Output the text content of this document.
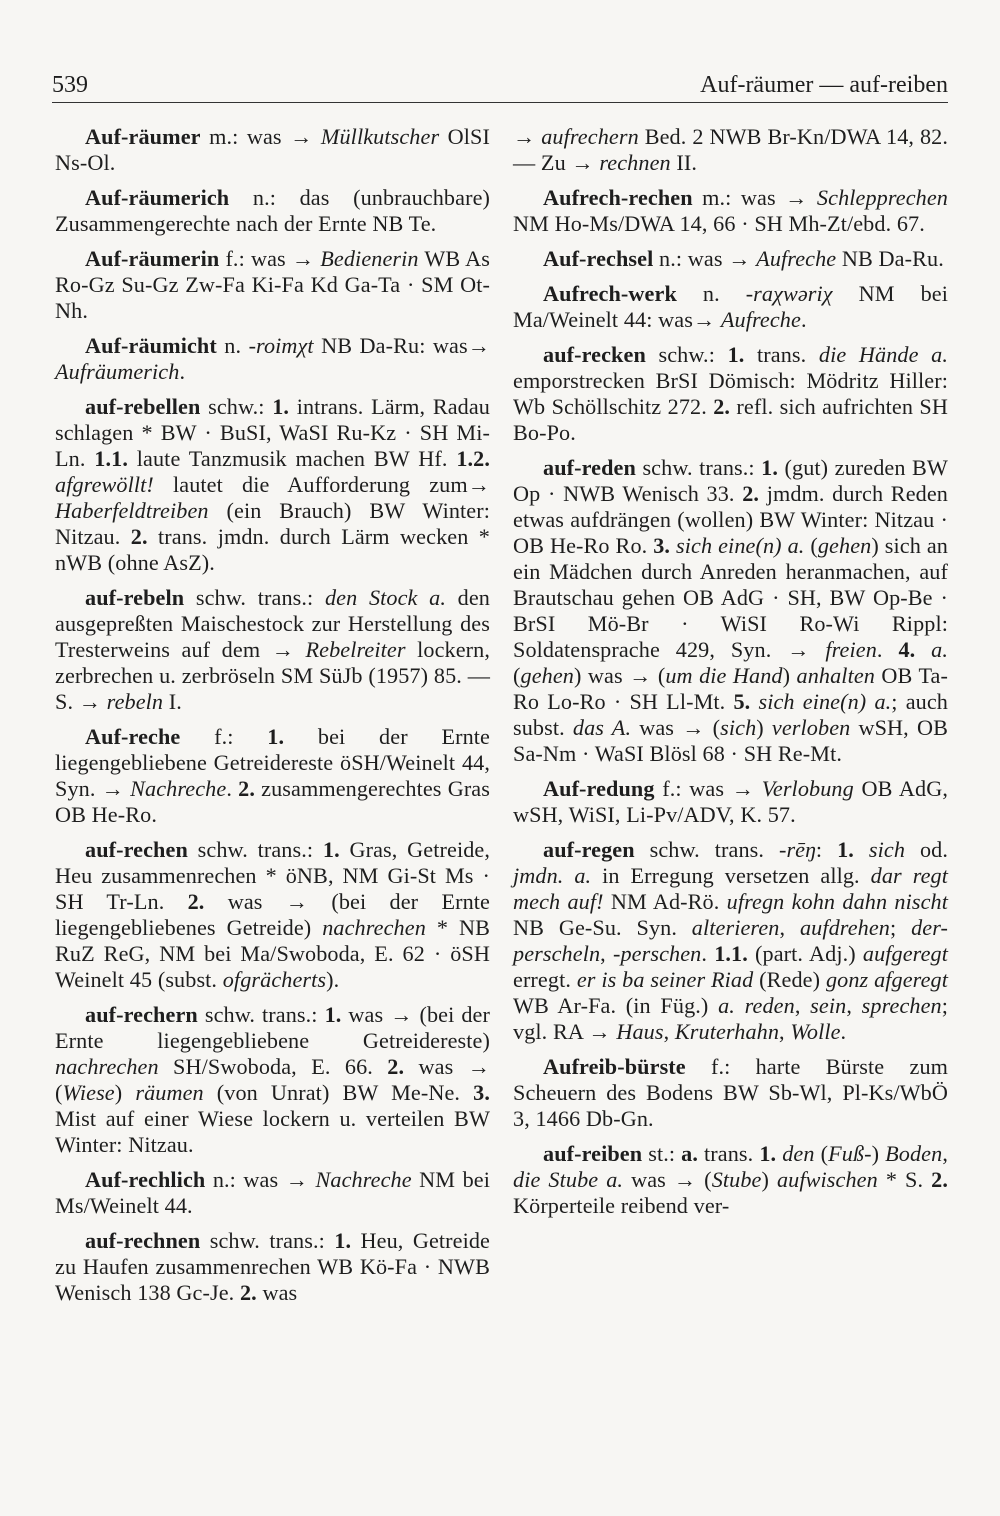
539	Auf-räumer — auf-reiben

Auf-räumer m.: was → Müllkutscher OlSI Ns-Ol.

Auf-räumerich n.: das (unbrauchbare) Zusammengerechte nach der Ernte NB Te.

Auf-räumerin f.: was → Bedienerin WB As Ro-Gz Su-Gz Zw-Fa Ki-Fa Kd Ga-Ta · SM Ot-Nh.

Auf-räumicht n. -roimχt NB Da-Ru: was→ Aufräumerich.

auf-rebellen schw.: 1. intrans. Lärm, Radau schlagen * BW · BuSI, WaSI Ru-Kz · SH Mi-Ln. 1.1. laute Tanzmusik machen BW Hf. 1.2. afgrewöllt! lautet die Aufforderung zum→ Haberfeldtreiben (ein Brauch) BW Winter: Nitzau. 2. trans. jmdn. durch Lärm wecken * nWB (ohne AsZ).

auf-rebeln schw. trans.: den Stock a. den ausgepreßten Maischestock zur Herstellung des Tresterweins auf dem → Rebelreiter lockern, zerbrechen u. zerbröseln SM SüJb (1957) 85. — S. → rebeln I.

Auf-reche f.: 1. bei der Ernte liegengebliebene Getreidereste öSH/Weinelt 44, Syn. → Nachreche. 2. zusammengerechtes Gras OB He-Ro.

auf-rechen schw. trans.: 1. Gras, Getreide, Heu zusammenrechen * öNB, NM Gi-St Ms · SH Tr-Ln. 2. was → (bei der Ernte liegengebliebenes Getreide) nachrechen * NB RuZ ReG, NM bei Ma/Swoboda, E. 62 · öSH Weinelt 45 (subst. ofgrächerts).

auf-rechern schw. trans.: 1. was → (bei der Ernte liegengebliebene Getreidereste) nachrechen SH/Swoboda, E. 66. 2. was → (Wiese) räumen (von Unrat) BW Me-Ne. 3. Mist auf einer Wiese lockern u. verteilen BW Winter: Nitzau.

Auf-rechlich n.: was → Nachreche NM bei Ms/Weinelt 44.

auf-rechnen schw. trans.: 1. Heu, Getreide zu Haufen zusammenrechen WB Kö-Fa · NWB Wenisch 138 Gc-Je. 2. was

→ aufrechern Bed. 2 NWB Br-Kn/DWA 14, 82. — Zu → rechnen II.

Aufrech-rechen m.: was → Schlepprechen NM Ho-Ms/DWA 14, 66 · SH Mh-Zt/ebd. 67.

Auf-rechsel n.: was → Aufreche NB Da-Ru.

Aufrech-werk n. -raχwəriχ NM bei Ma/Weinelt 44: was→ Aufreche.

auf-recken schw.: 1. trans. die Hände a. emporstrecken BrSI Dömisch: Mödritz Hiller: Wb Schöllschitz 272. 2. refl. sich aufrichten SH Bo-Po.

auf-reden schw. trans.: 1. (gut) zureden BW Op · NWB Wenisch 33. 2. jmdm. durch Reden etwas aufdrängen (wollen) BW Winter: Nitzau · OB He-Ro Ro. 3. sich eine(n) a. (gehen) sich an ein Mädchen durch Anreden heranmachen, auf Brautschau gehen OB AdG · SH, BW Op-Be · BrSI Mö-Br · WiSI Ro-Wi Rippl: Soldatensprache 429, Syn. → freien. 4. a. (gehen) was → (um die Hand) anhalten OB Ta-Ro Lo-Ro · SH Ll-Mt. 5. sich eine(n) a.; auch subst. das A. was → (sich) verloben wSH, OB Sa-Nm · WaSI Blösl 68 · SH Re-Mt.

Auf-redung f.: was → Verlobung OB AdG, wSH, WiSI, Li-Pv/ADV, K. 57.

auf-regen schw. trans. -rēŋ: 1. sich od. jmdn. a. in Erregung versetzen allg. dar regt mech auf! NM Ad-Rö. ufregn kohn dahn nischt NB Ge-Su. Syn. alterieren, aufdrehen; der-perscheln, -perschen. 1.1. (part. Adj.) aufgeregt erregt. er is ba seiner Riad (Rede) gonz afgeregt WB Ar-Fa. (in Füg.) a. reden, sein, sprechen; vgl. RA → Haus, Kruterhahn, Wolle.

Aufreib-bürste f.: harte Bürste zum Scheuern des Bodens BW Sb-Wl, Pl-Ks/WbÖ 3, 1466 Db-Gn.

auf-reiben st.: a. trans. 1. den (Fuß-) Boden, die Stube a. was → (Stube) aufwischen * S. 2. Körperteile reibend ver-
